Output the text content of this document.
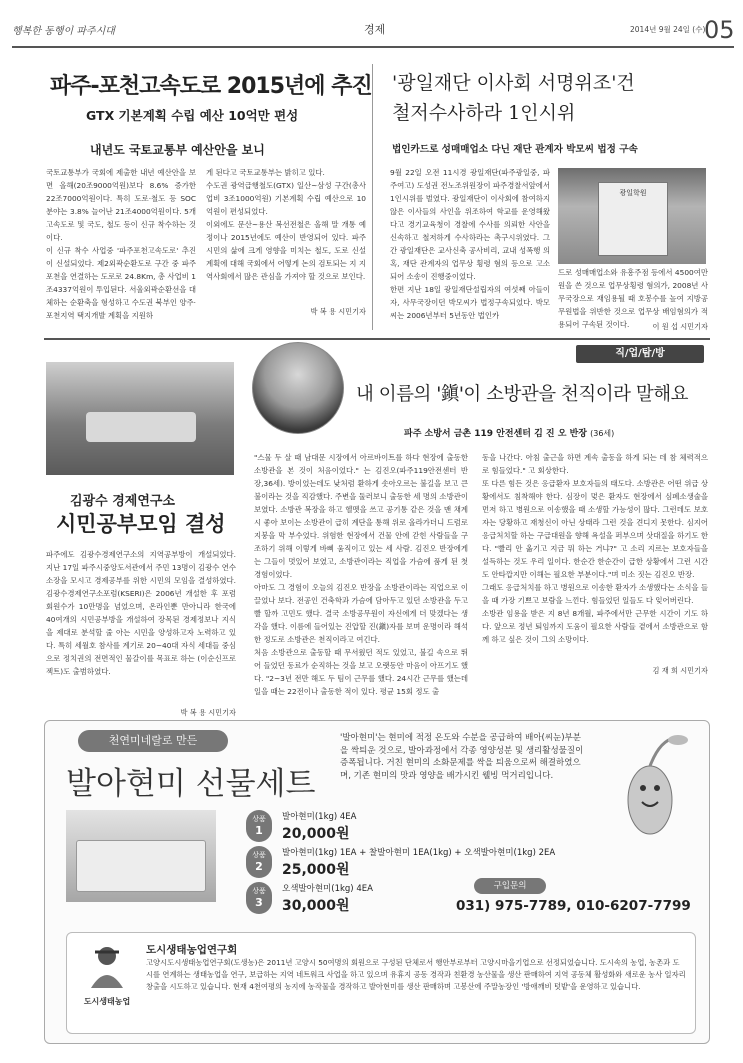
행복한 동행이 파주시대	경제	2014년 9월 24일 (수)
05
파주-포천고속도로 2015년에 추진
GTX 기본계획 수립 예산 10억만 편성
내년도 국토교통부 예산안을 보니
국토교통부가 국회에 제출한 내년 예산안을 보면 올해(20조9000억원)보다 8.6% 증가한 22조7000억원이다. 특히 도로·철도 등 SOC 분야는 3.8% 늘어난 21조4000억원이다. 5개 고속도로 및 국도, 철도 등이 신규 착수하는 것이다.
이 신규 착수 사업중 '파주포천고속도로' 추진이 신설되었다. 제2외곽순환도로 구간 중 파주 포천을 연결하는 도로로 24.8Km, 총 사업비 1조4337억원이 투입된다. 서울외곽순환선을 대체하는 순환축을 형성하고 수도권 북부인 양주·포천지역 택지개발 계획을 지원하
게 된다고 국토교통부는 밝히고 있다.
수도권 광역급행철도(GTX) 일산~삼성 구간(총사업비 3조1000억원) 기본계획 수립 예산으로 10억원이 편성되었다.
이외에도 문산~용산 복선전철은 올해 말 개통 예정이나 2015년에도 예산이 반영되어 있다. 파주시민의 삶에 크게 영향을 미치는 철도, 도로 신설 계획에 대해 국회에서 어떻게 논의 검토되는 지 지역사회에서 많은 관심을 가져야 할 것으로 보인다.
박 복 용 시민기자
'광일재단 이사회 서명위조'건
철저수사하라 1인시위
법인카드로 성매매업소 다닌 재단 관계자 박모씨 법정 구속
9월 22일 오전 11시경 광일재단(파주광일중, 파주여고) 도성권 전노조위원장이 파주경찰서앞에서 1인시위를 벌였다. 광일재단이 이사회에 참여하지 않은 이사들의 사인을 위조하여 학교를 운영해왔다고 경기교육청이 경찰에 수사를 의뢰한 사안을 신속하고 철저하게 수사하라는 촉구시위였다. 그간 광일재단은 교사신축 공사비리, 교내 성폭행 의혹, 재단 관계자의 업무상 횡령 혐의 등으로 고소되어 소송이 진행중이었다.
한편 지난 18일 광일재단설립자의 여섯째 아들이자, 사무국장이던 박모씨가 법정구속되었다. 박모씨는 2006년부터 5년동안 법인카
광일학원
드로 성매매업소와 유흥주점 등에서 4500여만원을 쓴 것으로 업무상횡령 혐의가, 2008년 사무국장으로 재임용될 때 호봉수를 높여 지방공무원법을 위반한 것으로 업무상 배임혐의가 적용되어 구속된 것이다.	이 원 섭 시민기자
김광수 경제연구소
시민공부모임 결성
파주에도 김광수경제연구소의 지역공부방이 개설되었다. 지난 17일 파주시중앙도서관에서 주민 13명이 김광수 연수소장을 모시고 경제공부를 위한 시민의 모임을 결성하였다. 김광수경제연구소포럼(KSERI)은 2006년 개설한 후 포럼회원수가 10만명을 넘었으며, 온라인뿐 만아니라 한국에 40여개의 시민공부방을 개설하여 장목된 경제정보나 지식을 제대로 분석할 줄 아는 시민을 양성하고자 노력하고 있다. 특히 세월호 참사를 계기로 20~40대 자식 세대들 중심으로 정치권의 전면적인 물갈이를 목표로 하는 (이순신프로젝트)도 출범하였다.
박 복 용 시민기자
직/업/탐/방
내 이름의 '鎭'이 소방관을 천직이라 말해요
파주 소방서 금촌 119 안전센터 김 진 오 반장 (36세)
"스물 두 살 때 남대문 시장에서 아르바이트를 하다 현장에 출동한 소방관을 본 것이 처음이었다." 는 김진오(파주119안전센터 반장,36세). 방이었는데도 낮처럼 환하게 솟아오르는 불길을 보고 큰 불이라는 것을 직감했다. 주변을 둘러보니 출동한 세 명의 소방관이 보였다. 소방관 복장을 하고 헬멧을 쓰고 공기통 같은 것을 맨 채계시 좋아 보이는 소방관이 급히 계단을 통해 위로 올라가더니 드럼로 지붕을 막 부수었다. 위험한 현장에서 건물 안에 갇힌 사람들을 구조하기 위해 이렇게 바삐 움직이고 있는 세 사람. 김진오 반장에게는 그들이 멋있어 보였고, 소방관이라는 직업을 가슴에 품게 된 첫 경험이었다.
아마도 그 경험이 오늘의 김진오 반장을 소방관이라는 직업으로 이끌었나 보다. 전공인 건축학과 가슴에 담아두고 있던 소방관을 두고 빨 할까 고민도 했다. 결국 소방공무원이 자신에게 더 맞겠다는 생각을 했다. 이름에 들어있는 진압할 진(鎭)자를 보며 운명이라 해석한 정도로 소방관은 천직이라고 여긴다.
처음 소방관으로 출동할 때 무서웠던 적도 있었고, 불길 속으로 뛰어 들었던 동료가 순직하는 것을 보고 오랫동안 마음이 아프기도 했다. "2~3년 전만 해도 두 팀이 근무를 했다. 24시간 근무를 했는데 일을 때는 22전이나 출동한 적이 있다. 평균 15회 정도 출
동을 나간다. 아침 출근을 하면 계속 출동을 하게 되는 데 참 체력적으로 힘들었다." 고 회상한다.
또 다른 힘든 것은 응급환자 보호자들의 태도다. 소방관은 어떤 위급 상황에서도 침착해야 한다. 심장이 멎은 환자도 현장에서 심폐소생술을 먼저 하고 병원으로 이송했을 때 소생할 가능성이 많다. 그런데도 보호자는 당황하고 재청신이 아닌 상태라 그런 것을 견디지 못한다. 심지어 응급처치할 하는 구급대원을 향해 욕설을 퍼부으며 삿대질을 하기도 한다. "빨리 안 옮기고 지금 뭐 하는 거냐?" 고 소리 지르는 보호자들을 설득하는 것도 우리 일이다. 한순간 한순간이 급한 상황에서 그런 시간도 안타깝지만 이해는 필요한 부분이다."며 미소 짓는 김진오 반장.
그래도 응급처치를 하고 병원으로 이송한 환자가 소생했다는 소식을 들을 때 가장 기쁘고 보람을 느낀다. 힘들었던 일들도 다 잊어버린다.
소방관 임용을 받은 지 8년 8개월, 파주에서만 근무한 시간이 기도 하다. 앞으로 정년 퇴임까지 도움이 필요한 사람들 곁에서 소방관으로 함께 하고 싶은 것이 그의 소망이다.
김 재 희 시민기자
천연미네랄로 만든
발아현미 선물세트
'발아현미'는 현미에 적정 온도와 수분을 공급하여 배아(씨눈)부분을 싹틔운 것으로, 발아과정에서 각종 영양성분 및 생리활성물질이 증폭됩니다. 거친 현미의 소화문제를 싹을 틔움으로써 해결하였으며, 기존 현미의 맛과 영양을 배가시킨 웰빙 먹거리입니다.
상품
1
발아현미(1kg) 4EA
20,000원
상품
2
발아현미(1kg) 1EA + 찰발아현미 1EA(1kg) + 오색발아현미(1kg) 2EA
25,000원
상품
3
오색발아현미(1kg) 4EA
30,000원
구입문의
031) 975-7789, 010-6207-7799
도시생태농업
도시생태농업연구회
고양시도시생태농업연구회(도생농)은 2011년 고양시 50여명의 회원으로 구성된 단체로서 행안부로부터 고양시마을기업으로 선정되었습니다. 도시속의 농업, 농촌과 도시를 연계하는 생태농업을 연구, 보급하는 지역 네트워크 사업을 하고 있으며 유휴지 공동 경작과 친환경 농산물을 생산 판매하여 지역 공동체 활성화와 새로운 농사 일자리 창출을 시도하고 있습니다. 현재 4천여평의 농지에 농작물을 경작하고 발아현미를 생산 판매하며 고봉산에 주말농장인 '방애깨비 텃밭'을 운영하고 있습니다.
